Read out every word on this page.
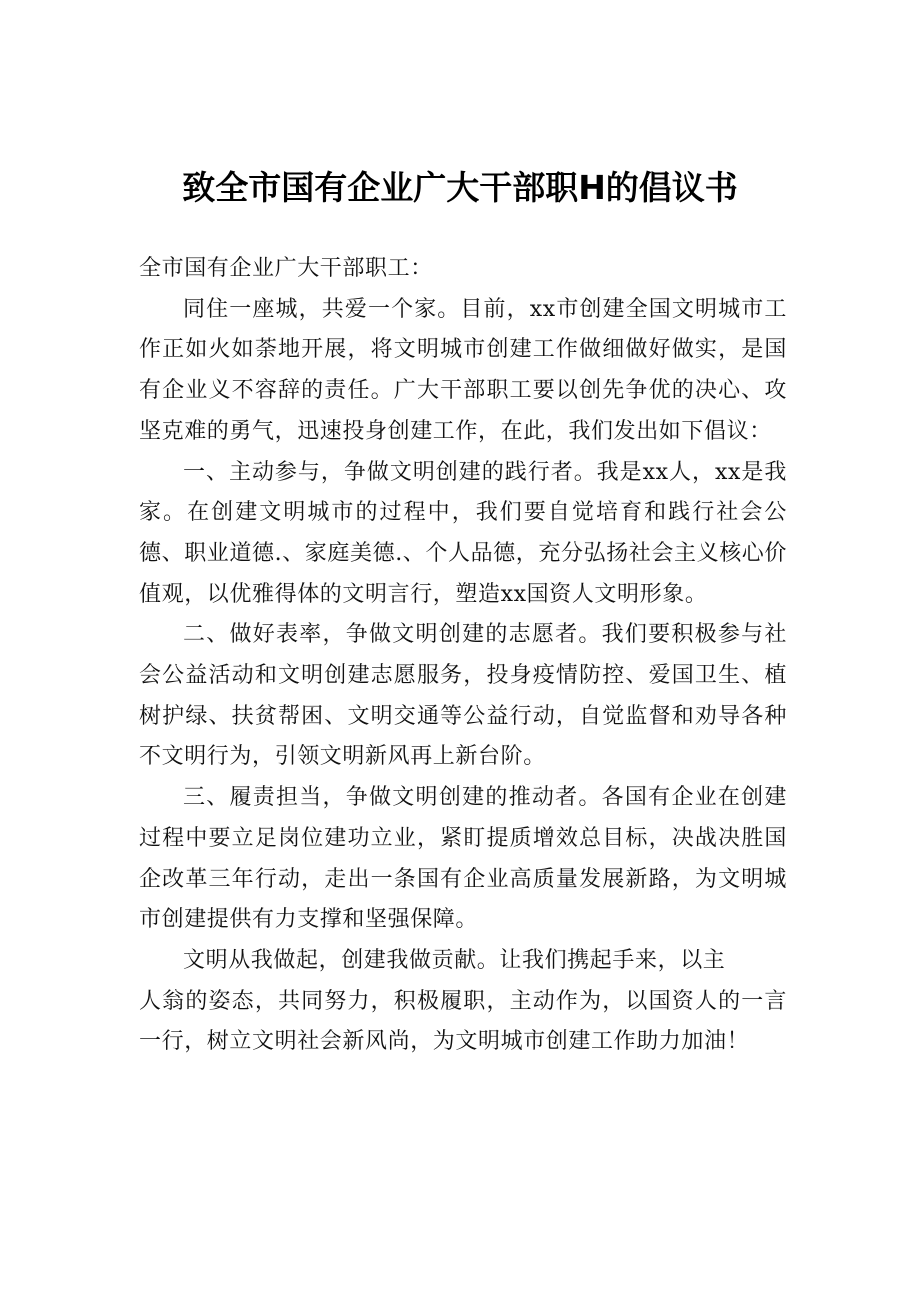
致全市国有企业广大干部职H的倡议书

全市国有企业广大干部职工：

同住一座城，共爱一个家。目前，xx市创建全国文明城市工作正如火如荼地开展，将文明城市创建工作做细做好做实，是国有企业义不容辞的责任。广大干部职工要以创先争优的决心、攻坚克难的勇气，迅速投身创建工作，在此，我们发出如下倡议：

一、主动参与，争做文明创建的践行者。我是xx人，xx是我家。在创建文明城市的过程中，我们要自觉培育和践行社会公德、职业道德.、家庭美德.、个人品德，充分弘扬社会主义核心价值观，以优雅得体的文明言行，塑造xx国资人文明形象。

二、做好表率，争做文明创建的志愿者。我们要积极参与社会公益活动和文明创建志愿服务，投身疫情防控、爱国卫生、植树护绿、扶贫帮困、文明交通等公益行动，自觉监督和劝导各种不文明行为，引领文明新风再上新台阶。

三、履责担当，争做文明创建的推动者。各国有企业在创建过程中要立足岗位建功立业，紧盯提质增效总目标，决战决胜国企改革三年行动，走出一条国有企业高质量发展新路，为文明城市创建提供有力支撑和坚强保障。

文明从我做起，创建我做贡献。让我们携起手来，以主
人翁的姿态，共同努力，积极履职，主动作为，以国资人的一言一行，树立文明社会新风尚，为文明城市创建工作助力加油！
